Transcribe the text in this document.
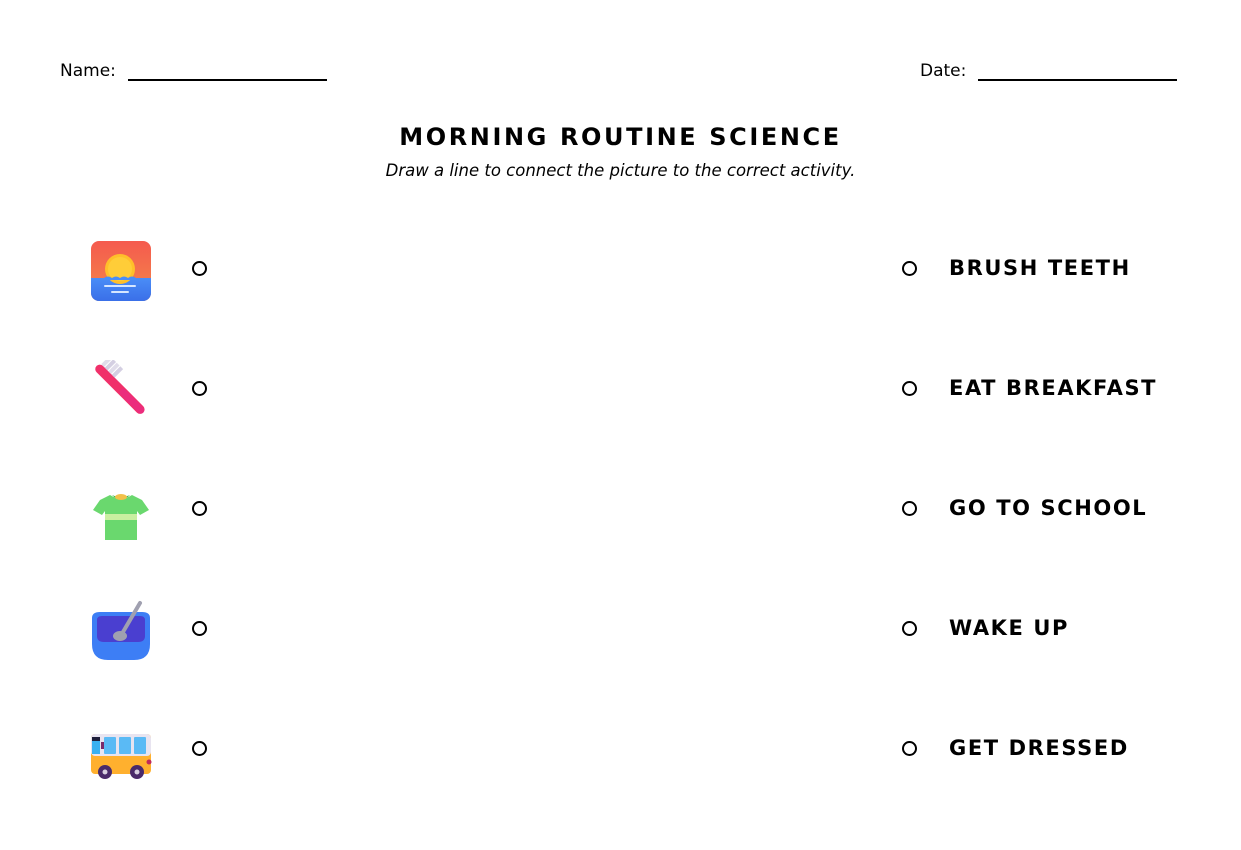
Name:	Date:
MORNING ROUTINE SCIENCE
Draw a line to connect the picture to the correct activity.
BRUSH TEETH
EAT BREAKFAST
GO TO SCHOOL
WAKE UP
GET DRESSED
